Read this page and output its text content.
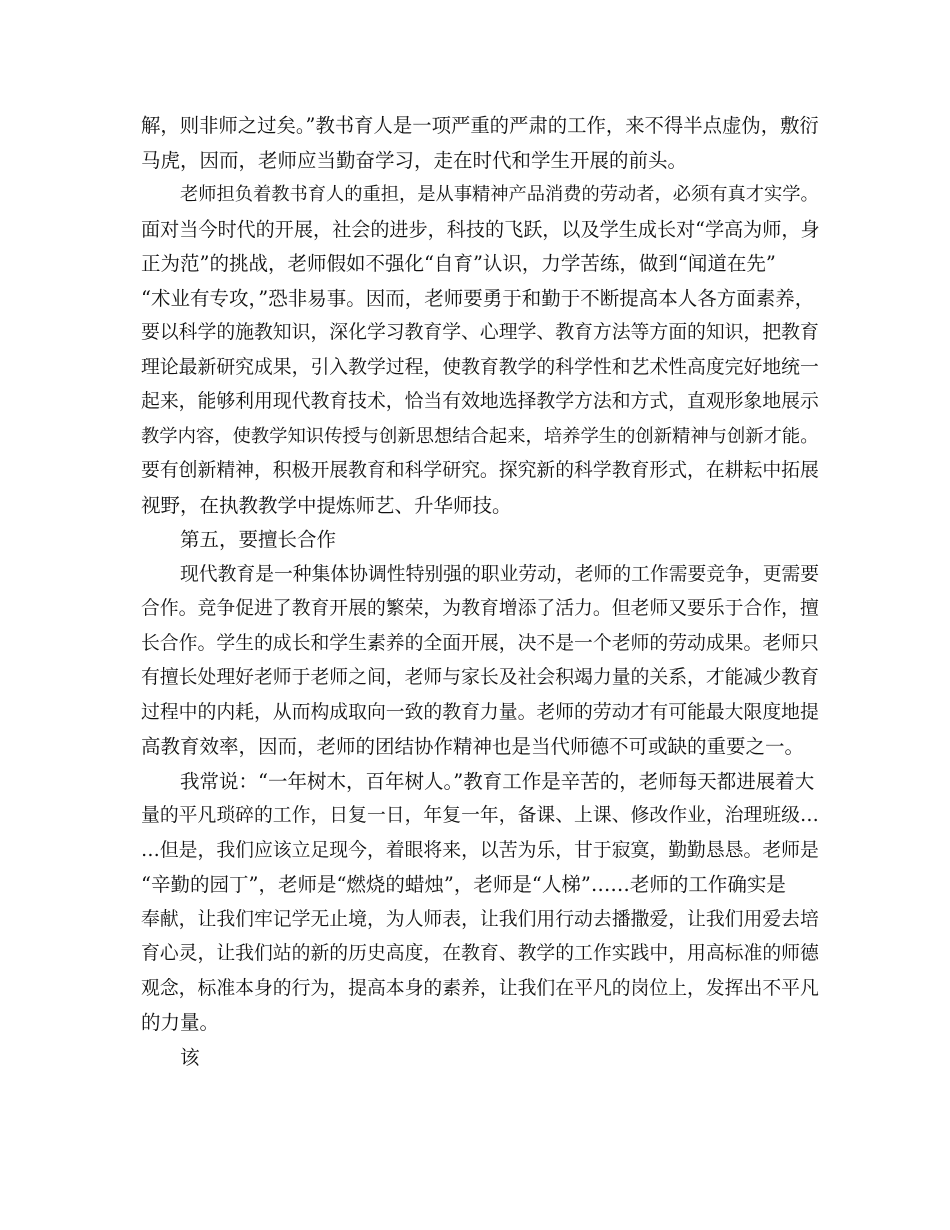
解，则非师之过矣。”教书育人是一项严重的严肃的工作，来不得半点虚伪，敷衍
马虎，因而，老师应当勤奋学习，走在时代和学生开展的前头。
老师担负着教书育人的重担，是从事精神产品消费的劳动者，必须有真才实学。
面对当今时代的开展，社会的进步，科技的飞跃，以及学生成长对“学高为师，身
正为范”的挑战，老师假如不强化“自育”认识，力学苦练，做到“闻道在先”
“术业有专攻，”恐非易事。因而，老师要勇于和勤于不断提高本人各方面素养，
要以科学的施教知识，深化学习教育学、心理学、教育方法等方面的知识，把教育
理论最新研究成果，引入教学过程，使教育教学的科学性和艺术性高度完好地统一
起来，能够利用现代教育技术，恰当有效地选择教学方法和方式，直观形象地展示
教学内容，使教学知识传授与创新思想结合起来，培养学生的创新精神与创新才能。
要有创新精神，积极开展教育和科学研究。探究新的科学教育形式，在耕耘中拓展
视野，在执教教学中提炼师艺、升华师技。
第五，要擅长合作
现代教育是一种集体协调性特别强的职业劳动，老师的工作需要竞争，更需要
合作。竞争促进了教育开展的繁荣，为教育增添了活力。但老师又要乐于合作，擅
长合作。学生的成长和学生素养的全面开展，决不是一个老师的劳动成果。老师只
有擅长处理好老师于老师之间，老师与家长及社会积竭力量的关系，才能减少教育
过程中的内耗，从而构成取向一致的教育力量。老师的劳动才有可能最大限度地提
高教育效率，因而，老师的团结协作精神也是当代师德不可或缺的重要之一。
我常说：“一年树木，百年树人。”教育工作是辛苦的，老师每天都进展着大
量的平凡琐碎的工作，日复一日，年复一年，备课、上课、修改作业，治理班级…
…但是，我们应该立足现今，着眼将来，以苦为乐，甘于寂寞，勤勤恳恳。老师是
“辛勤的园丁”，老师是“燃烧的蜡烛”，老师是“人梯”……老师的工作确实是
奉献，让我们牢记学无止境，为人师表，让我们用行动去播撒爱，让我们用爱去培
育心灵，让我们站的新的历史高度，在教育、教学的工作实践中，用高标准的师德
观念，标准本身的行为，提高本身的素养，让我们在平凡的岗位上，发挥出不平凡
的力量。
该
